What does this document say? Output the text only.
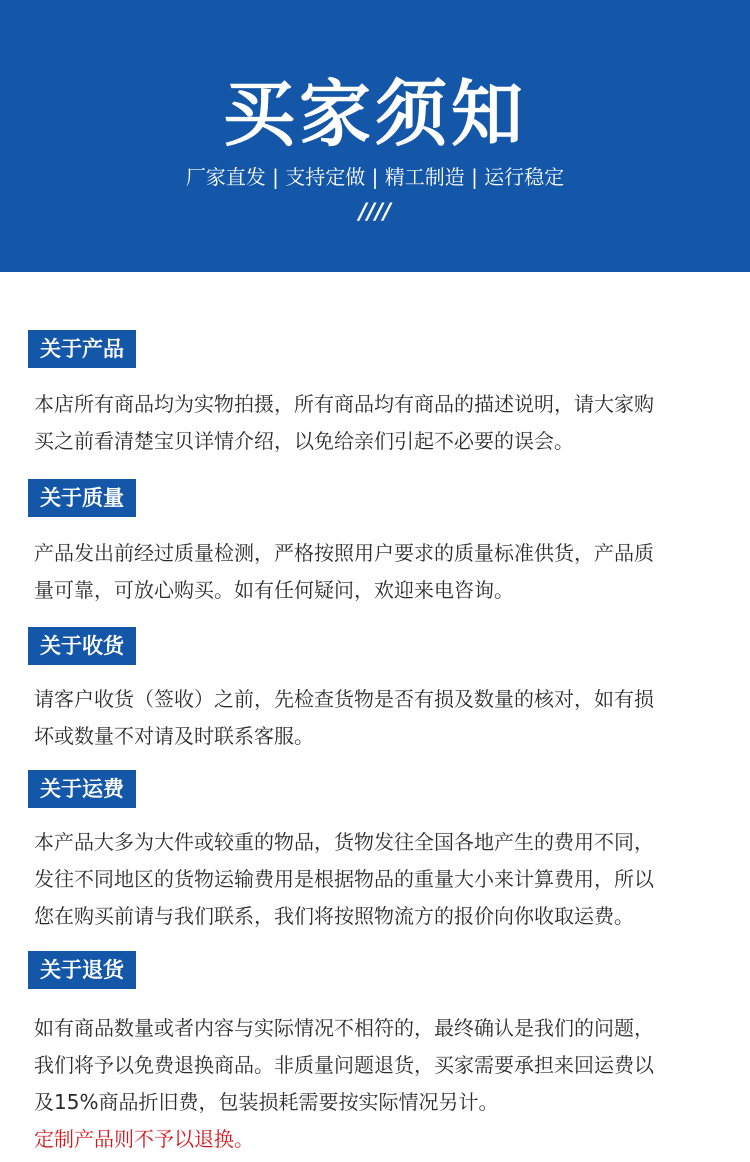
买家须知
厂家直发 | 支持定做 | 精工制造 | 运行稳定
////
关于产品

本店所有商品均为实物拍摄，所有商品均有商品的描述说明，请大家购

买之前看清楚宝贝详情介绍，以免给亲们引起不必要的误会。

关于质量

产品发出前经过质量检测，严格按照用户要求的质量标准供货，产品质

量可靠，可放心购买。如有任何疑问，欢迎来电咨询。

关于收货

请客户收货（签收）之前，先检查货物是否有损及数量的核对，如有损

坏或数量不对请及时联系客服。

关于运费

本产品大多为大件或较重的物品，货物发往全国各地产生的费用不同，

发往不同地区的货物运输费用是根据物品的重量大小来计算费用，所以

您在购买前请与我们联系，我们将按照物流方的报价向你收取运费。

关于退货

如有商品数量或者内容与实际情况不相符的，最终确认是我们的问题，

我们将予以免费退换商品。非质量问题退货，买家需要承担来回运费以

及15%商品折旧费，包装损耗需要按实际情况另计。

定制产品则不予以退换。
